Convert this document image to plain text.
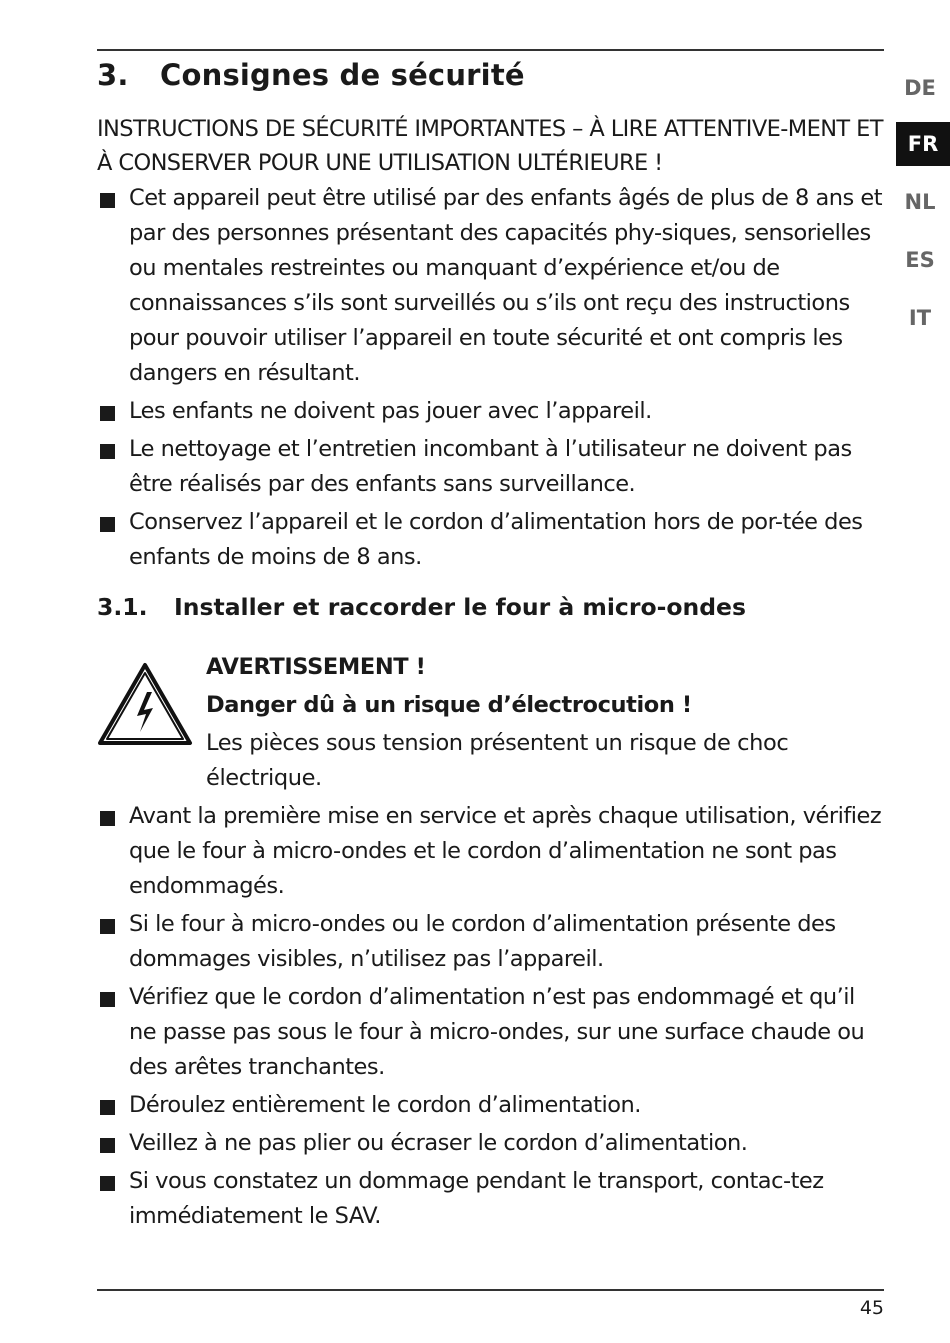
3. Consignes de sécurité
INSTRUCTIONS DE SÉCURITÉ IMPORTANTES – À LIRE ATTENTIVE-MENT ET À CONSERVER POUR UNE UTILISATION ULTÉRIEURE !
Cet appareil peut être utilisé par des enfants âgés de plus de 8 ans et par des personnes présentant des capacités phy-siques, sensorielles ou mentales restreintes ou manquant d’expérience et/ou de connaissances s’ils sont surveillés ou s’ils ont reçu des instructions pour pouvoir utiliser l’appareil en toute sécurité et ont compris les dangers en résultant.
Les enfants ne doivent pas jouer avec l’appareil.
Le nettoyage et l’entretien incombant à l’utilisateur ne doivent pas être réalisés par des enfants sans surveillance.
Conservez l’appareil et le cordon d’alimentation hors de por-tée des enfants de moins de 8 ans.
3.1. Installer et raccorder le four à micro-ondes
AVERTISSEMENT !
Danger dû à un risque d’électrocution !
Les pièces sous tension présentent un risque de choc électrique.
Avant la première mise en service et après chaque utilisation, vérifiez que le four à micro-ondes et le cordon d’alimentation ne sont pas endommagés.
Si le four à micro-ondes ou le cordon d’alimentation présente des dommages visibles, n’utilisez pas l’appareil.
Vérifiez que le cordon d’alimentation n’est pas endommagé et qu’il ne passe pas sous le four à micro-ondes, sur une surface chaude ou des arêtes tranchantes.
Déroulez entièrement le cordon d’alimentation.
Veillez à ne pas plier ou écraser le cordon d’alimentation.
Si vous constatez un dommage pendant le transport, contac-tez immédiatement le SAV.
DE
FR
NL
ES
IT
45
